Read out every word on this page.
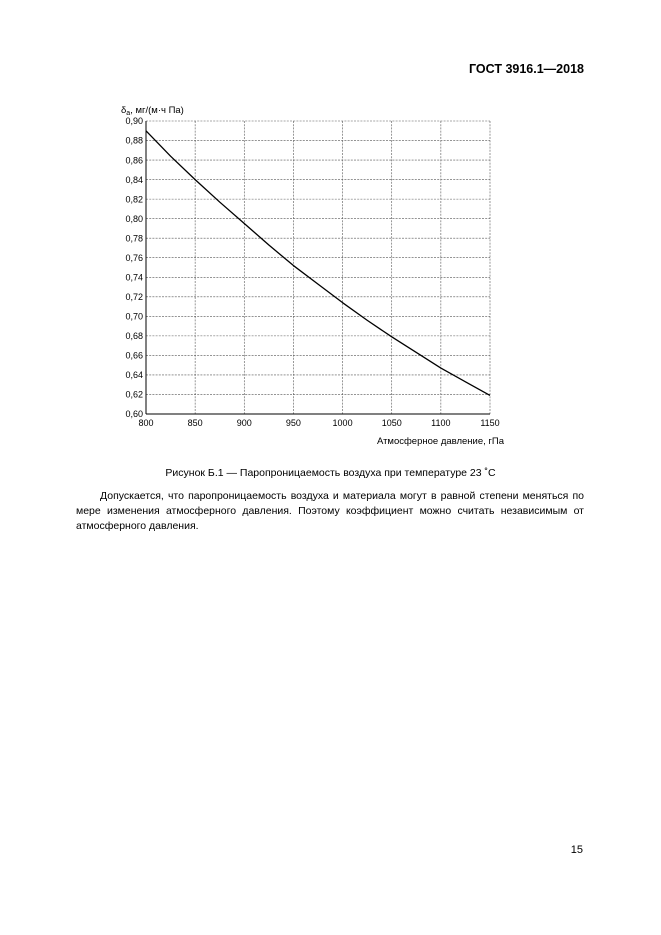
ГОСТ 3916.1—2018
0,60
0,62
0,64
0,66
0,68
0,70
0,72
0,74
0,76
0,78
0,80
0,82
0,84
0,86
0,88
0,90
800	850	900	950	1000	1050	1100	1150
$\delta_a$, мг/(м·ч Па)
Атмосферное давление, гПа
Рисунок Б.1 — Паропроницаемость воздуха при температуре 23 ˚С
Допускается, что паропроницаемость воздуха и материала могут в равной степени меняться по мере изменения атмосферного давления. Поэтому коэффициент можно считать независимым от атмосферного давления.
15
